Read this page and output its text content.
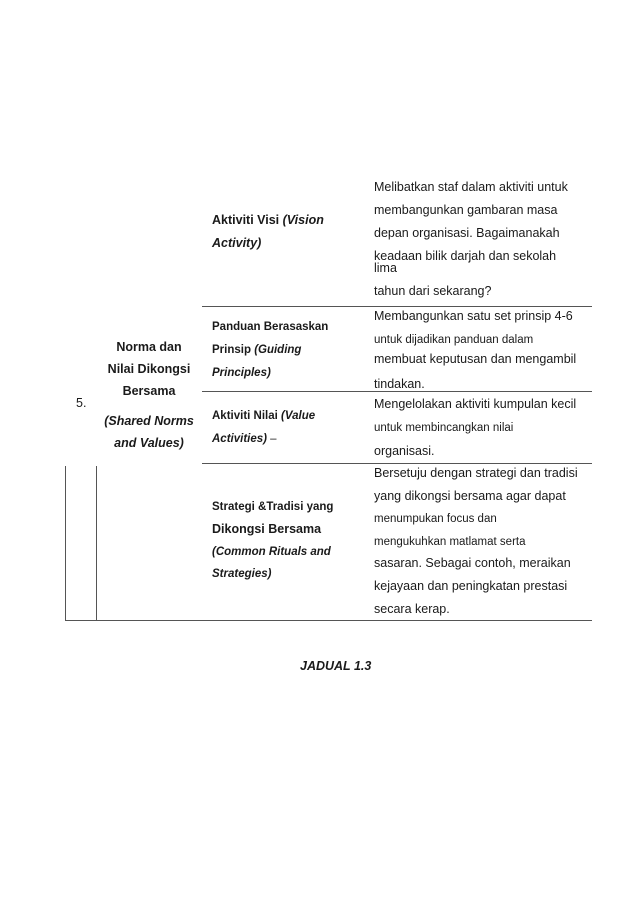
5.
Norma dan
Nilai Dikongsi
Bersama
(Shared Norms
and Values)
Aktiviti Visi (Vision
Activity)
Melibatkan staf dalam aktiviti untuk
membangunkan gambaran masa
depan organisasi. Bagaimanakah
keadaan bilik darjah dan sekolah
lima
tahun dari sekarang?
Panduan Berasaskan
Prinsip (Guiding
Principles)
Membangunkan satu set prinsip 4-6
untuk dijadikan panduan dalam
membuat keputusan dan mengambil
tindakan.
Aktiviti Nilai (Value
Activities) –
Mengelolakan aktiviti kumpulan kecil
untuk membincangkan nilai
organisasi.
Strategi &Tradisi yang
Dikongsi Bersama
(Common Rituals and
Strategies)
Bersetuju dengan strategi dan tradisi
yang dikongsi bersama agar dapat
menumpukan focus dan
mengukuhkan matlamat serta
sasaran. Sebagai contoh, meraikan
kejayaan dan peningkatan prestasi
secara kerap.
JADUAL 1.3
